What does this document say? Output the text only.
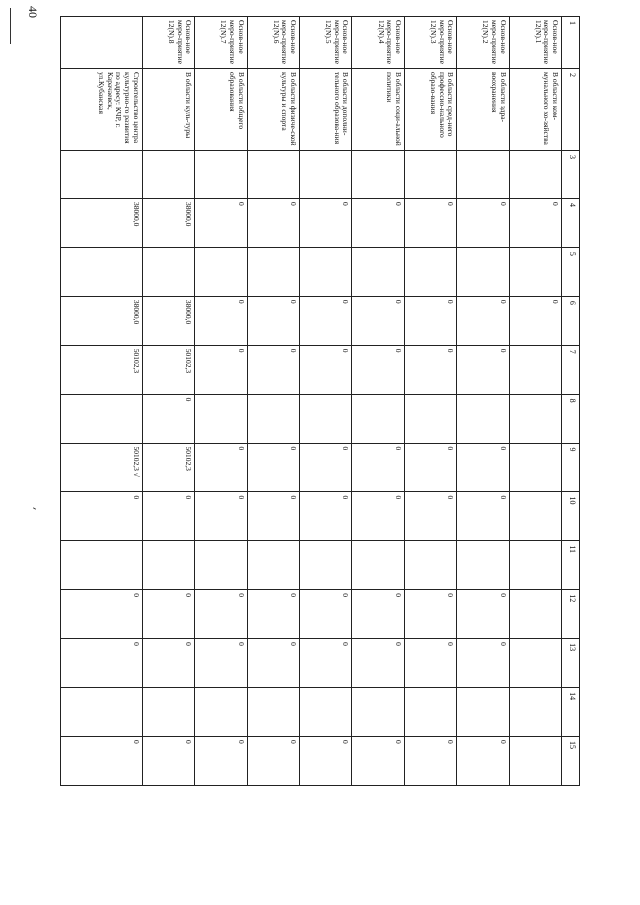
40
1	2	3	4	5	6	7	8	9	10	11	12	13	14	15
Основ-ное меро-приятие 12(N).1	В области ком-мунального хо-зяйства		0		0									
Основ-ное меро-приятие 12(N).2	В области здра-воохранения		0		0	0		0	0		0	0		0
Основ-ное меро-приятие 12(N).3	В области сред-него профессио-нального образо-вания		0		0	0		0	0		0	0		0
Основ-ное меро-приятие 12(N).4	В области соци-альной политики		0		0	0		0	0		0	0		0
Основ-ное меро-приятие 12(N).5	В области дополни-тельного образова-ния		0		0	0		0	0		0	0		0
Основ-ное меро-приятие 12(N).6	В области физиче-ской культуры и спорта		0		0	0		0	0		0	0		0
Основ-ное меро-приятие 12(N).7	В области общего образования		0		0	0		0	0		0	0		0
Основ-ное меро-приятие 12(N).8	В области куль-туры		38000,0		38000,0	50102,3	0	50102,3	0		0	0		0
	Строительство центра культурно-го развития по адресу: КЧР, г. Карачаевск, ул.Кубанская		38000,0		38000,0	50102,3		50102,3 √	0		0	0		0
